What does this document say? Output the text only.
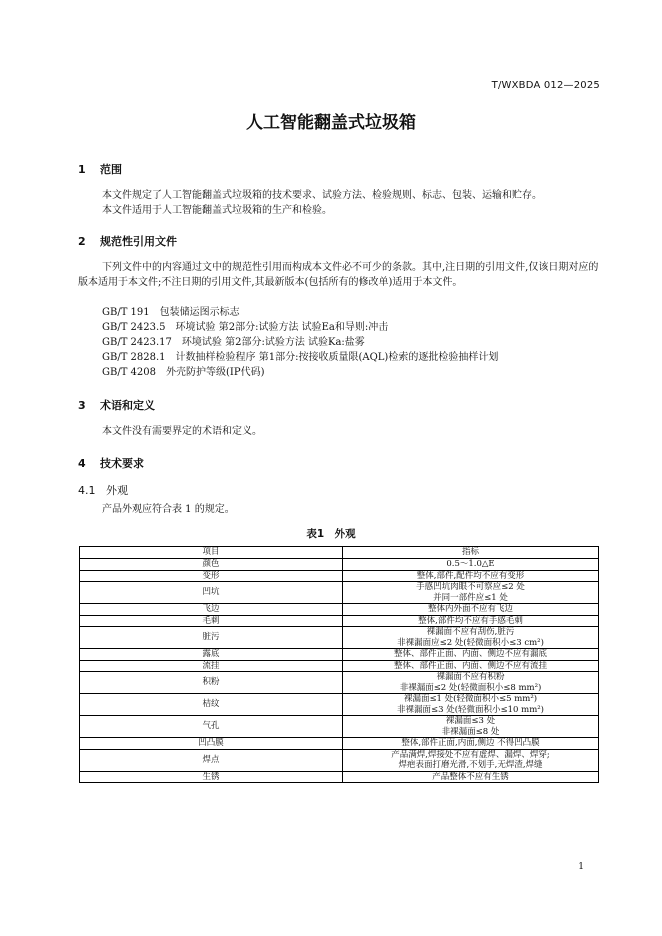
T/WXBDA 012—2025
人工智能翻盖式垃圾箱
1 范围
本文件规定了人工智能翻盖式垃圾箱的技术要求、试验方法、检验规则、标志、包装、运输和贮存。
本文件适用于人工智能翻盖式垃圾箱的生产和检验。
2 规范性引用文件
下列文件中的内容通过文中的规范性引用而构成本文件必不可少的条款。其中,注日期的引用文件,仅该日期对应的版本适用于本文件;不注日期的引用文件,其最新版本(包括所有的修改单)适用于本文件。
GB/T 191　包装储运图示标志
GB/T 2423.5　环境试验 第2部分:试验方法 试验Ea和导则:冲击
GB/T 2423.17　环境试验 第2部分:试验方法 试验Ka:盐雾
GB/T 2828.1　计数抽样检验程序 第1部分:按接收质量限(AQL)检索的逐批检验抽样计划
GB/T 4208　外壳防护等级(IP代码)
3 术语和定义
本文件没有需要界定的术语和定义。
4 技术要求
4.1 外观
产品外观应符合表 1 的规定。
表1　外观
项目	指标
颜色	0.5～1.0△E
变形	整体,部件,配件均不应有变形
凹坑	手感凹坑肉眼不可察应≤2 处
并同一部件应≤1 处

飞边	整体内外面不应有飞边
毛刺	整体,部件均不应有手感毛刺
脏污	裸漏面不应有刮伤,脏污
非裸漏面应≤2 处(轻微面积小≤3 cm²)

露底	整体、部件正面、内面、侧边不应有漏底
流挂	整体、部件正面、内面、侧边不应有流挂
积粉	裸漏面不应有积粉
非裸漏面≤2 处(轻微面积小≤8 mm²)

桔纹	裸漏面≤1 处(轻微面积小≤5 mm²)
非裸漏面≤3 处(轻微面积小≤10 mm²)

气孔	裸漏面≤3 处
非裸漏面≤8 处

凹凸膜	整体,部件正面,内面,侧边 不得凹凸膜
焊点	产品满焊,焊接处不应有虚焊、漏焊、焊穿;
焊疤表面打磨光滑,不划手,无焊渣,焊缝

生锈	产品整体不应有生锈
1
